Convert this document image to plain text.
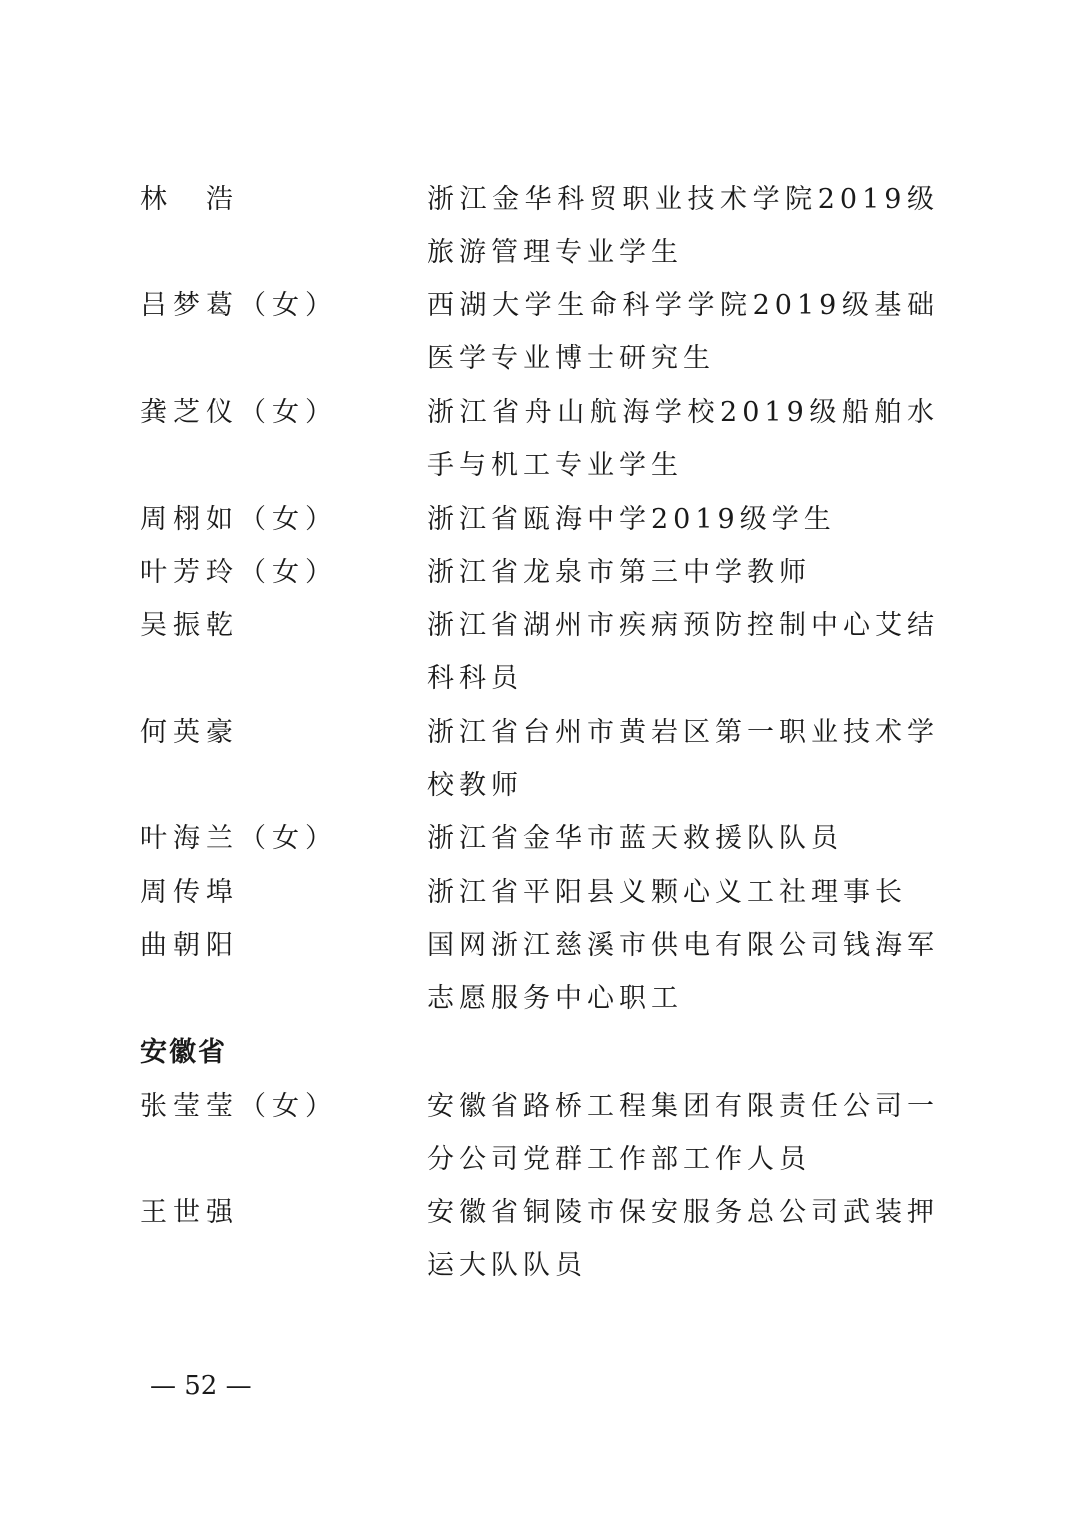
林　浩	浙江金华科贸职业技术学院2019级旅游管理专业学生
吕梦葛（女）	西湖大学生命科学学院2019级基础医学专业博士研究生
龚芝仪（女）	浙江省舟山航海学校2019级船舶水手与机工专业学生
周栩如（女）	浙江省瓯海中学2019级学生
叶芳玲（女）	浙江省龙泉市第三中学教师
吴振乾	浙江省湖州市疾病预防控制中心艾结科科员
何英豪	浙江省台州市黄岩区第一职业技术学校教师
叶海兰（女）	浙江省金华市蓝天救援队队员
周传埠	浙江省平阳县义颗心义工社理事长
曲朝阳	国网浙江慈溪市供电有限公司钱海军志愿服务中心职工
安徽省
张莹莹（女）	安徽省路桥工程集团有限责任公司一分公司党群工作部工作人员
王世强	安徽省铜陵市保安服务总公司武装押运大队队员
— 52 —
